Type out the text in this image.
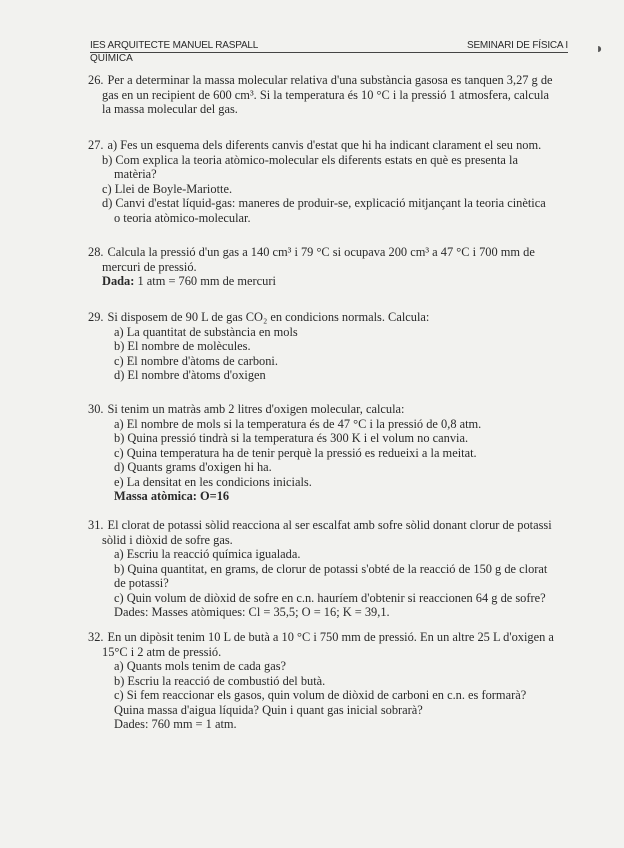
IES ARQUITECTE MANUEL RASPALL	SEMINARI DE FÍSICA I
QUÍMICA
◗
26. Per a determinar la massa molecular relativa d'una substància gasosa es tanquen 3,27 g de
gas en un recipient de 600 cm³. Si la temperatura és 10 °C i la pressió 1 atmosfera, calcula
la massa molecular del gas.
27. a) Fes un esquema dels diferents canvis d'estat que hi ha indicant clarament el seu nom.
b) Com explica la teoria atòmico-molecular els diferents estats en què es presenta la
matèria?
c) Llei de Boyle-Mariotte.
d) Canvi d'estat líquid-gas: maneres de produir-se, explicació mitjançant la teoria cinètica
o teoria atòmico-molecular.
28. Calcula la pressió d'un gas a 140 cm³ i 79 °C si ocupava 200 cm³ a 47 °C i 700 mm de
mercuri de pressió.
Dada: 1 atm = 760 mm de mercuri
29. Si disposem de 90 L de gas CO₂ en condicions normals. Calcula:
a) La quantitat de substància en mols
b) El nombre de molècules.
c) El nombre d'àtoms de carboni.
d) El nombre d'àtoms d'oxigen
30. Si tenim un matràs amb 2 litres d'oxigen molecular, calcula:
a) El nombre de mols si la temperatura és de 47 °C i la pressió de 0,8 atm.
b) Quina pressió tindrà si la temperatura és 300 K i el volum no canvia.
c) Quina temperatura ha de tenir perquè la pressió es redueixi a la meitat.
d) Quants grams d'oxigen hi ha.
e) La densitat en les condicions inicials.
Massa atòmica: O=16
31. El clorat de potassi sòlid reacciona al ser escalfat amb sofre sòlid donant clorur de potassi
sòlid i diòxid de sofre gas.
a) Escriu la reacció química igualada.
b) Quina quantitat, en grams, de clorur de potassi s'obté de la reacció de 150 g de clorat
de potassi?
c) Quin volum de diòxid de sofre en c.n. hauríem d'obtenir si reaccionen 64 g de sofre?
Dades: Masses atòmiques: Cl = 35,5; O = 16; K = 39,1.
32. En un dipòsit tenim 10 L de butà a 10 °C i 750 mm de pressió. En un altre 25 L d'oxigen a
15°C i 2 atm de pressió.
a) Quants mols tenim de cada gas?
b) Escriu la reacció de combustió del butà.
c) Si fem reaccionar els gasos, quin volum de diòxid de carboni en c.n. es formarà?
Quina massa d'aigua líquida? Quin i quant gas inicial sobrarà?
Dades: 760 mm = 1 atm.
